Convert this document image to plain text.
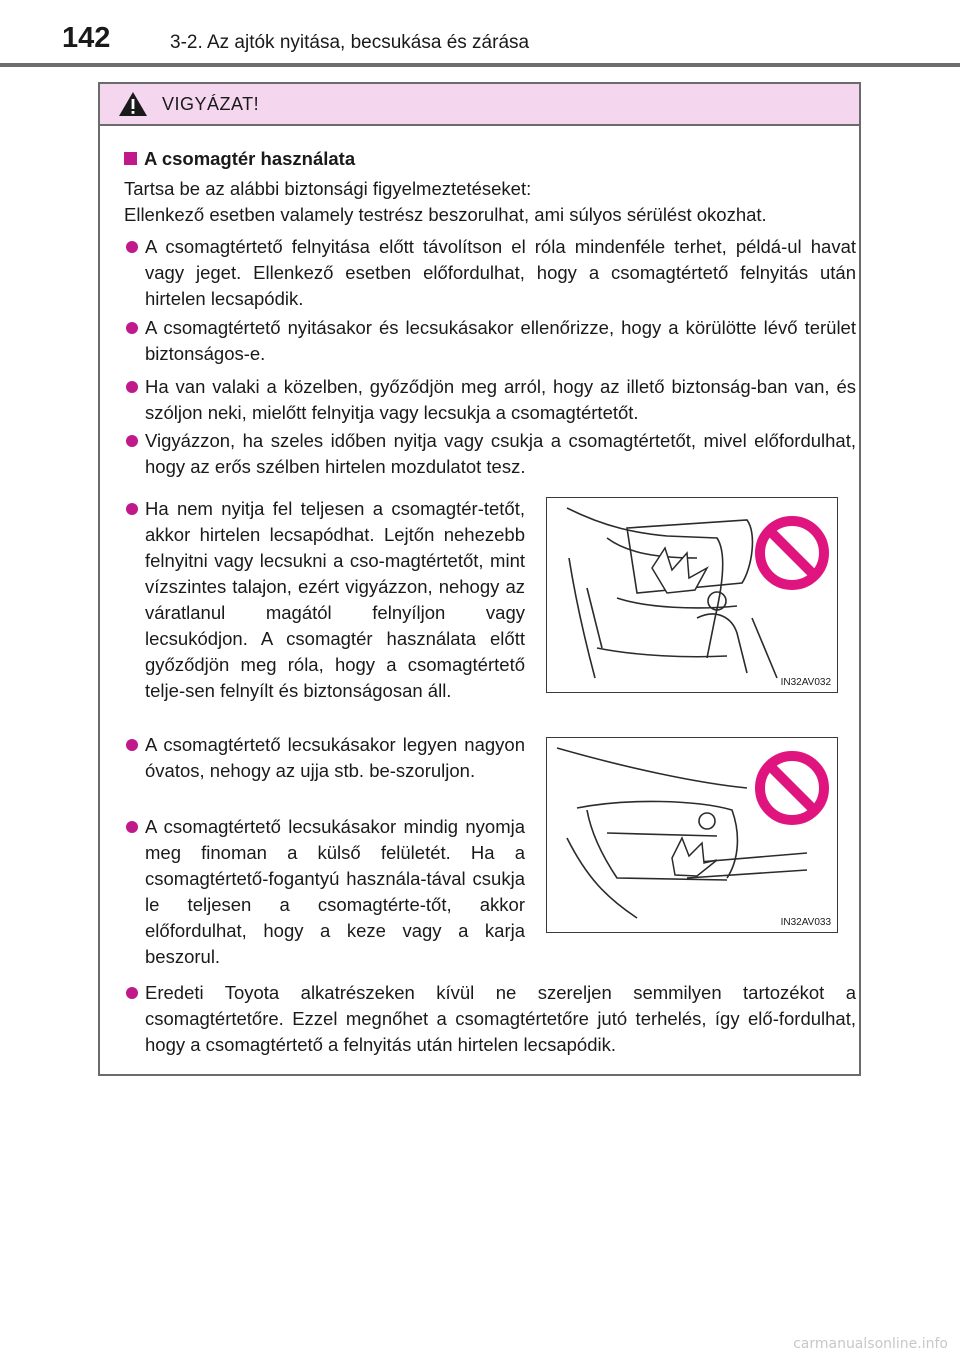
142	3-2. Az ajtók nyitása, becsukása és zárása
VIGYÁZAT!
A csomagtér használata
Tartsa be az alábbi biztonsági figyelmeztetéseket:
Ellenkező esetben valamely testrész beszorulhat, ami súlyos sérülést okozhat.
A csomagtértető felnyitása előtt távolítson el róla mindenféle terhet, példá-ul havat vagy jeget. Ellenkező esetben előfordulhat, hogy a csomagtértető felnyitás után hirtelen lecsapódik.
A csomagtértető nyitásakor és lecsukásakor ellenőrizze, hogy a körülötte lévő terület biztonságos-e.
Ha van valaki a közelben, győződjön meg arról, hogy az illető biztonság-ban van, és szóljon neki, mielőtt felnyitja vagy lecsukja a csomagtértetőt.
Vigyázzon, ha szeles időben nyitja vagy csukja a csomagtértetőt, mivel előfordulhat, hogy az erős szélben hirtelen mozdulatot tesz.
Ha nem nyitja fel teljesen a csomagtér-tetőt, akkor hirtelen lecsapódhat. Lejtőn nehezebb felnyitni vagy lecsukni a cso-magtértetőt, mint vízszintes talajon, ezért vigyázzon, nehogy az váratlanul magától felnyíljon vagy lecsukódjon. A csomagtér használata előtt győződjön meg róla, hogy a csomagtértető telje-sen felnyílt és biztonságosan áll.
A csomagtértető lecsukásakor legyen nagyon óvatos, nehogy az ujja stb. be-szoruljon.
A csomagtértető lecsukásakor mindig nyomja meg finoman a külső felületét. Ha a csomagtértető-fogantyú használa-tával csukja le teljesen a csomagtérte-tőt, akkor előfordulhat, hogy a keze vagy a karja beszorul.
Eredeti Toyota alkatrészeken kívül ne szereljen semmilyen tartozékot a csomagtértetőre. Ezzel megnőhet a csomagtértetőre jutó terhelés, így elő-fordulhat, hogy a csomagtértető a felnyitás után hirtelen lecsapódik.
IN32AV032
IN32AV033
carmanualsonline.info
